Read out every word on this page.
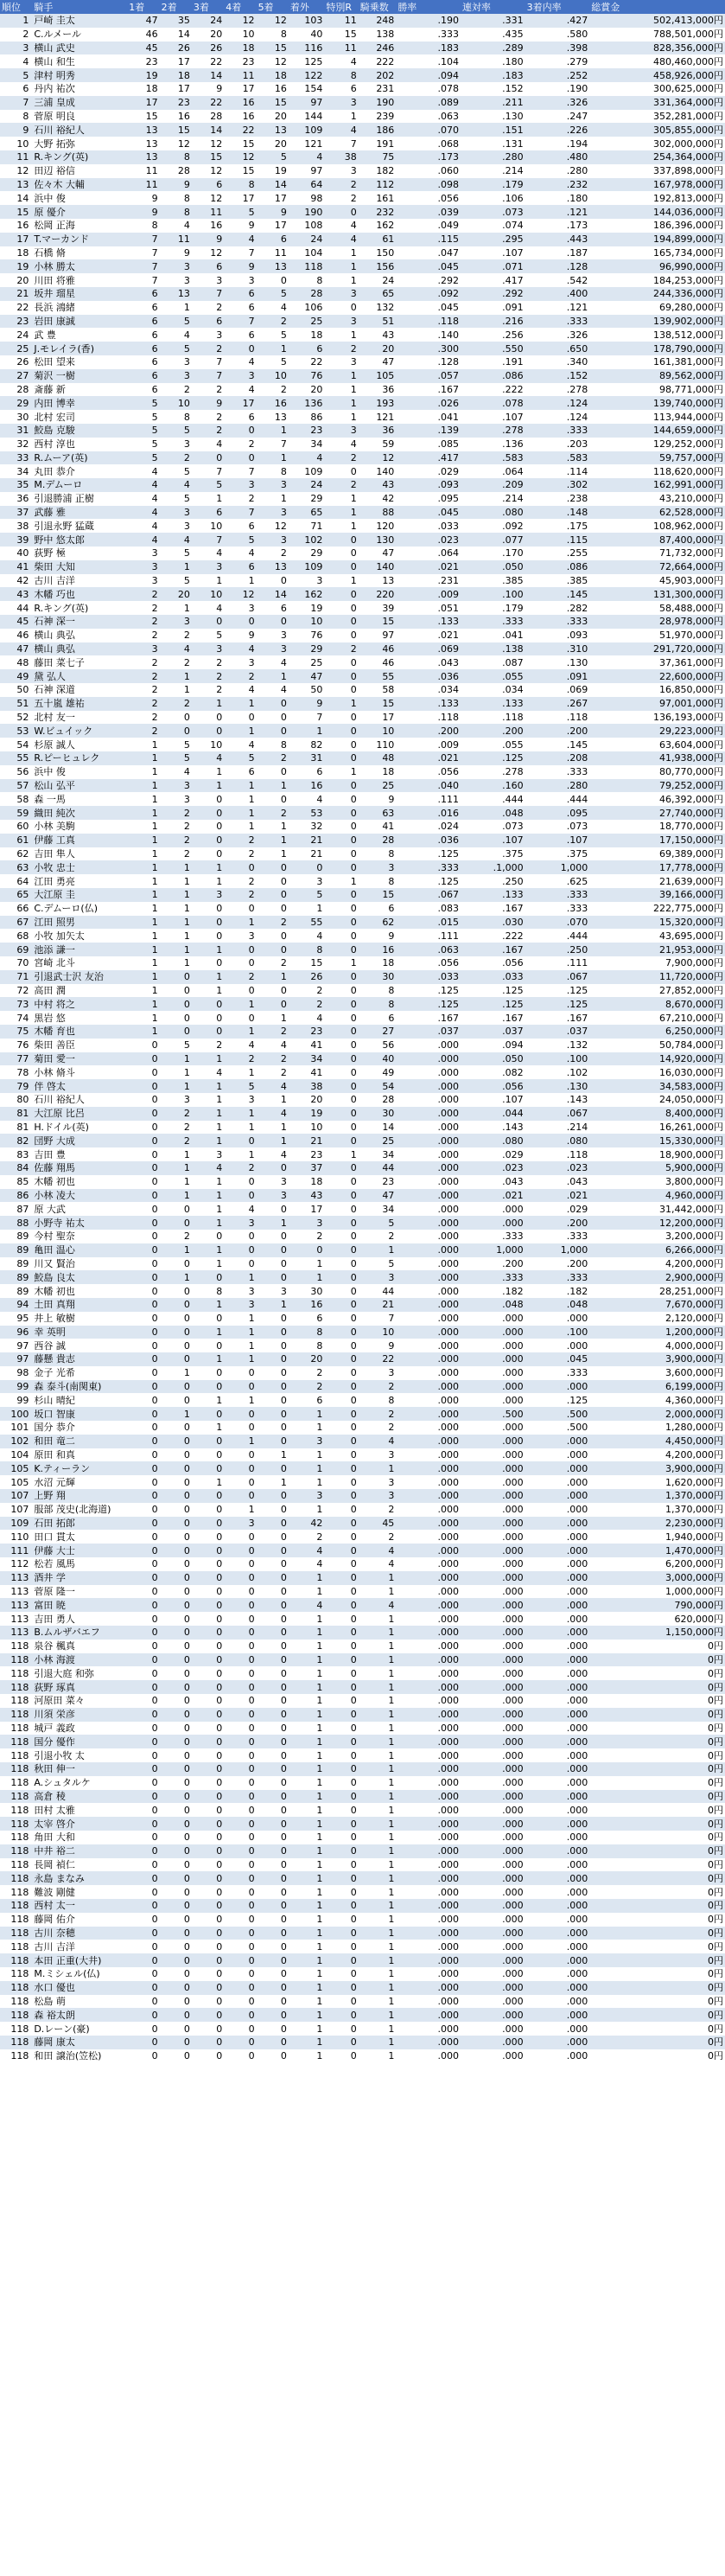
順位	騎手	1着	2着	3着	4着	5着	着外	特別R	騎乗数	勝率	連対率	3着内率	総賞金
1	戸崎 圭太	47	35	24	12	12	103	11	248	.190	.331	.427	502,413,000円
2	C.ルメール	46	14	20	10	8	40	15	138	.333	.435	.580	788,501,000円
3	横山 武史	45	26	26	18	15	116	11	246	.183	.289	.398	828,356,000円
4	横山 和生	23	17	22	23	12	125	4	222	.104	.180	.279	480,460,000円
5	津村 明秀	19	18	14	11	18	122	8	202	.094	.183	.252	458,926,000円
6	丹内 祐次	18	17	9	17	16	154	6	231	.078	.152	.190	300,625,000円
7	三浦 皇成	17	23	22	16	15	97	3	190	.089	.211	.326	331,364,000円
8	菅原 明良	15	16	28	16	20	144	1	239	.063	.130	.247	352,281,000円
9	石川 裕紀人	13	15	14	22	13	109	4	186	.070	.151	.226	305,855,000円
10	大野 拓弥	13	12	12	15	20	121	7	191	.068	.131	.194	302,000,000円
11	R.キング(英)	13	8	15	12	5	4	38	75	.173	.280	.480	254,364,000円
12	田辺 裕信	11	28	12	15	19	97	3	182	.060	.214	.280	337,898,000円
13	佐々木 大輔	11	9	6	8	14	64	2	112	.098	.179	.232	167,978,000円
14	浜中 俊	9	8	12	17	17	98	2	161	.056	.106	.180	192,813,000円
15	原 優介	9	8	11	5	9	190	0	232	.039	.073	.121	144,036,000円
16	松岡 正海	8	4	16	9	17	108	4	162	.049	.074	.173	186,396,000円
17	T.マーカンド	7	11	9	4	6	24	4	61	.115	.295	.443	194,899,000円
18	石橋 脩	7	9	12	7	11	104	1	150	.047	.107	.187	165,734,000円
19	小林 勝太	7	3	6	9	13	118	1	156	.045	.071	.128	96,990,000円
20	川田 将雅	7	3	3	3	0	8	1	24	.292	.417	.542	184,253,000円
21	坂井 瑠星	6	13	7	6	5	28	3	65	.092	.292	.400	244,336,000円
22	長浜 鴻緒	6	1	2	6	4	106	0	132	.045	.091	.121	69,280,000円
23	岩田 康誠	6	5	6	7	2	25	3	51	.118	.216	.333	139,902,000円
24	武 豊	6	4	3	6	5	18	1	43	.140	.256	.326	138,512,000円
25	J.モレイラ(香)	6	5	2	0	1	6	2	20	.300	.550	.650	178,790,000円
26	松田 望来	6	3	7	4	5	22	3	47	.128	.191	.340	161,381,000円
27	菊沢 一樹	6	3	7	3	10	76	1	105	.057	.086	.152	89,562,000円
28	斎藤 新	6	2	2	4	2	20	1	36	.167	.222	.278	98,771,000円
29	内田 博幸	5	10	9	17	16	136	1	193	.026	.078	.124	139,740,000円
30	北村 宏司	5	8	2	6	13	86	1	121	.041	.107	.124	113,944,000円
31	鮫島 克駿	5	5	2	0	1	23	3	36	.139	.278	.333	144,659,000円
32	西村 淳也	5	3	4	2	7	34	4	59	.085	.136	.203	129,252,000円
33	R.ムーア(英)	5	2	0	0	1	4	2	12	.417	.583	.583	59,757,000円
34	丸田 恭介	4	5	7	7	8	109	0	140	.029	.064	.114	118,620,000円
35	M.デムーロ	4	4	5	3	3	24	2	43	.093	.209	.302	162,991,000円
36	引退勝浦 正樹	4	5	1	2	1	29	1	42	.095	.214	.238	43,210,000円
37	武藤 雅	4	3	6	7	3	65	1	88	.045	.080	.148	62,528,000円
38	引退永野 猛蔵	4	3	10	6	12	71	1	120	.033	.092	.175	108,962,000円
39	野中 悠太郎	4	4	7	5	3	102	0	130	.023	.077	.115	87,400,000円
40	荻野 極	3	5	4	4	2	29	0	47	.064	.170	.255	71,732,000円
41	柴田 大知	3	1	3	6	13	109	0	140	.021	.050	.086	72,664,000円
42	古川 吉洋	3	5	1	1	0	3	1	13	.231	.385	.385	45,903,000円
43	木幡 巧也	2	20	10	12	14	162	0	220	.009	.100	.145	131,300,000円
44	R.キング(英)	2	1	4	3	6	19	0	39	.051	.179	.282	58,488,000円
45	石神 深一	2	3	0	0	0	10	0	15	.133	.333	.333	28,978,000円
46	横山 典弘	2	2	5	9	3	76	0	97	.021	.041	.093	51,970,000円
47	横山 典弘	3	4	3	4	3	29	2	46	.069	.138	.310	291,720,000円
48	藤田 菜七子	2	2	2	3	4	25	0	46	.043	.087	.130	37,361,000円
49	黛 弘人	2	1	2	2	1	47	0	55	.036	.055	.091	22,600,000円
50	石神 深道	2	1	2	4	4	50	0	58	.034	.034	.069	16,850,000円
51	五十嵐 雄祐	2	2	1	1	0	9	1	15	.133	.133	.267	97,001,000円
52	北村 友一	2	0	0	0	0	7	0	17	.118	.118	.118	136,193,000円
53	W.ビュイック	2	0	0	1	0	1	0	10	.200	.200	.200	29,223,000円
54	杉原 誠人	1	5	10	4	8	82	0	110	.009	.055	.145	63,604,000円
55	R.ピーヒュレク	1	5	4	5	2	31	0	48	.021	.125	.208	41,938,000円
56	浜中 俊	1	4	1	6	0	6	1	18	.056	.278	.333	80,770,000円
57	松山 弘平	1	3	1	1	1	16	0	25	.040	.160	.280	79,252,000円
58	森 一馬	1	3	0	1	0	4	0	9	.111	.444	.444	46,392,000円
59	織田 純次	1	2	0	1	2	53	0	63	.016	.048	.095	27,740,000円
60	小林 美駒	1	2	0	1	1	32	0	41	.024	.073	.073	18,770,000円
61	伊藤 工真	1	2	0	2	1	21	0	28	.036	.107	.107	17,150,000円
62	吉田 隼人	1	2	0	2	1	21	0	8	.125	.375	.375	69,389,000円
63	小牧 忠士	1	1	1	0	0	0	0	3	.333	.1,000	1,000	17,778,000円
64	江田 勇亮	1	1	1	2	0	3	1	8	.125	.250	.625	21,639,000円
65	大江原 圭	1	1	3	2	0	5	0	15	.067	.133	.333	39,166,000円
66	C.デムーロ(仏)	1	1	0	0	0	1	0	6	.083	.167	.333	222,775,000円
67	江田 照男	1	1	0	1	2	55	0	62	.015	.030	.070	15,320,000円
68	小牧 加矢太	1	1	0	3	0	4	0	9	.111	.222	.444	43,695,000円
69	池添 謙一	1	1	1	0	0	8	0	16	.063	.167	.250	21,953,000円
70	宮崎 北斗	1	1	0	0	2	15	1	18	.056	.056	.111	7,900,000円
71	引退武士沢 友治	1	0	1	2	1	26	0	30	.033	.033	.067	11,720,000円
72	高田 潤	1	0	1	0	0	2	0	8	.125	.125	.125	27,852,000円
73	中村 将之	1	0	0	1	0	2	0	8	.125	.125	.125	8,670,000円
74	黒岩 悠	1	0	0	0	1	4	0	6	.167	.167	.167	67,210,000円
75	木幡 育也	1	0	0	1	2	23	0	27	.037	.037	.037	6,250,000円
76	柴田 善臣	0	5	2	4	4	41	0	56	.000	.094	.132	50,784,000円
77	菊田 愛一	0	1	1	2	2	34	0	40	.000	.050	.100	14,920,000円
78	小林 脩斗	0	1	4	1	2	41	0	49	.000	.082	.102	16,030,000円
79	伴 啓太	0	1	1	5	4	38	0	54	.000	.056	.130	34,583,000円
80	石川 裕紀人	0	3	1	3	1	20	0	28	.000	.107	.143	24,050,000円
81	大江原 比呂	0	2	1	1	4	19	0	30	.000	.044	.067	8,400,000円
81	H.ドイル(英)	0	2	1	1	1	10	0	14	.000	.143	.214	16,261,000円
82	団野 大成	0	2	1	0	1	21	0	25	.000	.080	.080	15,330,000円
83	吉田 豊	0	1	3	1	4	23	1	34	.000	.029	.118	18,900,000円
84	佐藤 翔馬	0	1	4	2	0	37	0	44	.000	.023	.023	5,900,000円
85	木幡 初也	0	1	1	0	3	18	0	23	.000	.043	.043	3,800,000円
86	小林 凌大	0	1	1	0	3	43	0	47	.000	.021	.021	4,960,000円
87	原 大武	0	0	1	4	0	17	0	34	.000	.000	.029	31,442,000円
88	小野寺 祐太	0	0	1	3	1	3	0	5	.000	.000	.200	12,200,000円
89	今村 聖奈	0	2	0	0	0	2	0	2	.000	.333	.333	3,200,000円
89	亀田 温心	0	1	1	0	0	0	0	1	.000	1,000	1,000	6,266,000円
89	川又 賢治	0	0	1	0	0	1	0	5	.000	.200	.200	4,200,000円
89	鮫島 良太	0	1	0	1	0	1	0	3	.000	.333	.333	2,900,000円
89	木幡 初也	0	0	8	3	3	30	0	44	.000	.182	.182	28,251,000円
94	土田 真翔	0	0	1	3	1	16	0	21	.000	.048	.048	7,670,000円
95	井上 敏樹	0	0	0	1	0	6	0	7	.000	.000	.000	2,120,000円
96	幸 英明	0	0	1	1	0	8	0	10	.000	.000	.100	1,200,000円
97	西谷 誠	0	0	0	1	0	8	0	9	.000	.000	.000	4,000,000円
97	藤懸 貴志	0	0	1	1	0	20	0	22	.000	.000	.045	3,900,000円
98	金子 光希	0	1	0	0	0	2	0	3	.000	.000	.333	3,600,000円
99	森 泰斗(南関東)	0	0	0	0	0	2	0	2	.000	.000	.000	6,199,000円
99	杉山 晴紀	0	0	1	1	0	6	0	8	.000	.000	.125	4,360,000円
100	坂口 智康	0	1	0	0	0	1	0	2	.000	.500	.500	2,000,000円
101	国分 恭介	0	0	1	0	0	1	0	2	.000	.000	.500	1,280,000円
102	和田 竜二	0	0	0	1	0	3	0	4	.000	.000	.000	4,450,000円
104	原田 和真	0	0	0	0	1	1	0	3	.000	.000	.000	4,200,000円
105	K.ティーラン	0	0	0	0	0	1	0	1	.000	.000	.000	3,900,000円
105	水沼 元輝	0	0	1	0	1	1	0	3	.000	.000	.000	1,620,000円
107	上野 翔	0	0	0	0	0	3	0	3	.000	.000	.000	1,370,000円
107	服部 茂史(北海道)	0	0	0	1	0	1	0	2	.000	.000	.000	1,370,000円
109	石田 拓郎	0	0	0	3	0	42	0	45	.000	.000	.000	2,230,000円
110	田口 貫太	0	0	0	0	0	2	0	2	.000	.000	.000	1,940,000円
111	伊藤 大士	0	0	0	0	0	4	0	4	.000	.000	.000	1,470,000円
112	松若 風馬	0	0	0	0	0	4	0	4	.000	.000	.000	6,200,000円
113	酒井 学	0	0	0	0	0	1	0	1	.000	.000	.000	3,000,000円
113	菅原 隆一	0	0	0	0	0	1	0	1	.000	.000	.000	1,000,000円
113	富田 暁	0	0	0	0	0	4	0	4	.000	.000	.000	790,000円
113	吉田 勇人	0	0	0	0	0	1	0	1	.000	.000	.000	620,000円
113	B.ムルザバエフ	0	0	0	0	0	1	0	1	.000	.000	.000	1,150,000円
118	泉谷 楓真	0	0	0	0	0	1	0	1	.000	.000	.000	0円
118	小林 海渡	0	0	0	0	0	1	0	1	.000	.000	.000	0円
118	引退大庭 和弥	0	0	0	0	0	1	0	1	.000	.000	.000	0円
118	荻野 琢真	0	0	0	0	0	1	0	1	.000	.000	.000	0円
118	河原田 菜々	0	0	0	0	0	1	0	1	.000	.000	.000	0円
118	川須 栄彦	0	0	0	0	0	1	0	1	.000	.000	.000	0円
118	城戸 義政	0	0	0	0	0	1	0	1	.000	.000	.000	0円
118	国分 優作	0	0	0	0	0	1	0	1	.000	.000	.000	0円
118	引退小牧 太	0	0	0	0	0	1	0	1	.000	.000	.000	0円
118	秋田 伸一	0	0	0	0	0	1	0	1	.000	.000	.000	0円
118	A.シュタルケ	0	0	0	0	0	1	0	1	.000	.000	.000	0円
118	高倉 稜	0	0	0	0	0	1	0	1	.000	.000	.000	0円
118	田村 太雅	0	0	0	0	0	1	0	1	.000	.000	.000	0円
118	太宰 啓介	0	0	0	0	0	1	0	1	.000	.000	.000	0円
118	角田 大和	0	0	0	0	0	1	0	1	.000	.000	.000	0円
118	中井 裕二	0	0	0	0	0	1	0	1	.000	.000	.000	0円
118	長岡 禎仁	0	0	0	0	0	1	0	1	.000	.000	.000	0円
118	永島 まなみ	0	0	0	0	0	1	0	1	.000	.000	.000	0円
118	難波 剛健	0	0	0	0	0	1	0	1	.000	.000	.000	0円
118	西村 太一	0	0	0	0	0	1	0	1	.000	.000	.000	0円
118	藤岡 佑介	0	0	0	0	0	1	0	1	.000	.000	.000	0円
118	古川 奈穂	0	0	0	0	0	1	0	1	.000	.000	.000	0円
118	古川 吉洋	0	0	0	0	0	1	0	1	.000	.000	.000	0円
118	本田 正重(大井)	0	0	0	0	0	1	0	1	.000	.000	.000	0円
118	M.ミシェル(仏)	0	0	0	0	0	1	0	1	.000	.000	.000	0円
118	水口 優也	0	0	0	0	0	1	0	1	.000	.000	.000	0円
118	松島 萌	0	0	0	0	0	1	0	1	.000	.000	.000	0円
118	森 裕太朗	0	0	0	0	0	1	0	1	.000	.000	.000	0円
118	D.レーン(豪)	0	0	0	0	0	1	0	1	.000	.000	.000	0円
118	藤岡 康太	0	0	0	0	0	1	0	1	.000	.000	.000	0円
118	和田 譲治(笠松)	0	0	0	0	0	1	0	1	.000	.000	.000	0円
